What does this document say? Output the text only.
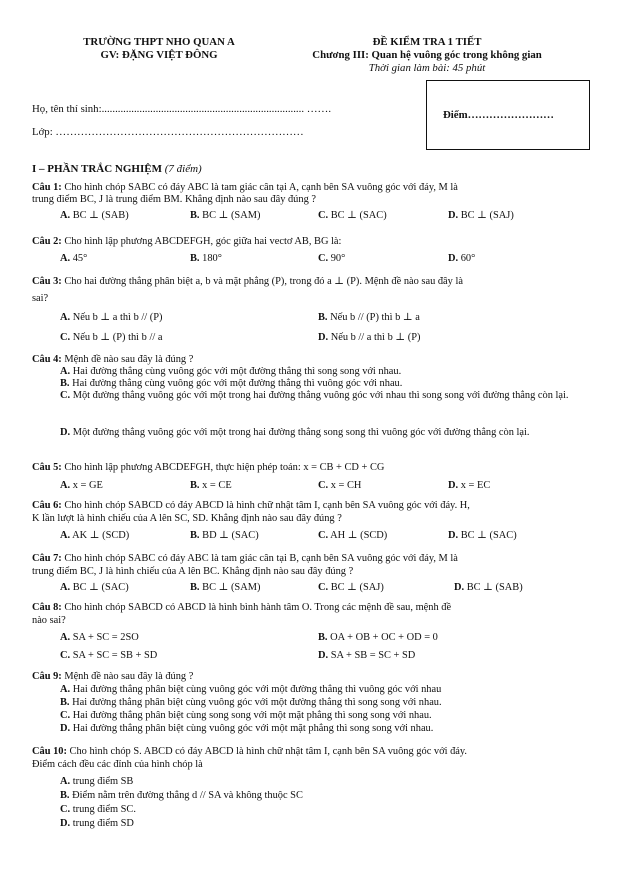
TRƯỜNG THPT NHO QUAN A
GV: ĐẶNG VIỆT ĐÔNG
ĐỀ KIỂM TRA 1 TIẾT
Chương III: Quan hệ vuông góc trong không gian
Thời gian làm bài: 45 phút
Họ, tên thí sinh:........................................................................... …….
Lớp: ……………………………………………………………
Điểm……………………
I – PHẦN TRẮC NGHIỆM (7 điểm)
Câu 1: Cho hình chóp SABC có đáy ABC là tam giác cân tại A, cạnh bên SA vuông góc với đáy, M là
trung điểm BC, J là trung điểm BM. Khẳng định nào sau đây đúng ?
A. BC ⊥ (SAB)	B. BC ⊥ (SAM)	C. BC ⊥ (SAC)	D. BC ⊥ (SAJ)
Câu 2: Cho hình lập phương ABCDEFGH, góc giữa hai vectơ AB, BG là:
A. 45°	B. 180°	C. 90°	D. 60°
Câu 3: Cho hai đường thẳng phân biệt a, b và mặt phẳng (P), trong đó a ⊥ (P). Mệnh đề nào sau đây là
sai?
A. Nếu b ⊥ a thì b // (P)	B. Nếu b // (P) thì b ⊥ a
C. Nếu b ⊥ (P) thì b // a	D. Nếu b // a thì b ⊥ (P)
Câu 4: Mệnh đề nào sau đây là đúng ?
A. Hai đường thẳng cùng vuông góc với một đường thẳng thì song song với nhau.
B. Hai đường thẳng cùng vuông góc với một đường thẳng thì vuông góc với nhau.
C. Một đường thẳng vuông góc với một trong hai đường thẳng vuông góc với nhau thì song song với đường thẳng còn lại.
D. Một đường thẳng vuông góc với một trong hai đường thẳng song song thì vuông góc với đường thẳng còn lại.
Câu 5: Cho hình lập phương ABCDEFGH, thực hiện phép toán: x = CB + CD + CG
A. x = GE	B. x = CE	C. x = CH	D. x = EC
Câu 6: Cho hình chóp SABCD có đáy ABCD là hình chữ nhật tâm I, cạnh bên SA vuông góc với đáy. H,
K lần lượt là hình chiếu của A lên SC, SD. Khẳng định nào sau đây đúng ?
A. AK ⊥ (SCD)	B. BD ⊥ (SAC)	C. AH ⊥ (SCD)	D. BC ⊥ (SAC)
Câu 7: Cho hình chóp SABC có đáy ABC là tam giác cân tại B, cạnh bên SA vuông góc với đáy, M là
trung điểm BC, J là hình chiếu của A lên BC. Khẳng định nào sau đây đúng ?
A. BC ⊥ (SAC)	B. BC ⊥ (SAM)	C. BC ⊥ (SAJ)	D. BC ⊥ (SAB)
Câu 8: Cho hình chóp SABCD có ABCD là hình bình hành tâm O. Trong các mệnh đề sau, mệnh đề
nào sai?
A. SA + SC = 2SO	B. OA + OB + OC + OD = 0
C. SA + SC = SB + SD	D. SA + SB = SC + SD
Câu 9: Mệnh đề nào sau đây là đúng ?
A. Hai đường thẳng phân biệt cùng vuông góc với một đường thẳng thì vuông góc với nhau
B. Hai đường thẳng phân biệt cùng vuông góc với một đường thẳng thì song song với nhau.
C. Hai đường thẳng phân biệt cùng song song với một mặt phẳng thì song song với nhau.
D. Hai đường thẳng phân biệt cùng vuông góc với một mặt phẳng thì song song với nhau.
Câu 10: Cho hình chóp S. ABCD có đáy ABCD là hình chữ nhật tâm I, cạnh bên SA vuông góc với đáy.
Điểm cách đều các đỉnh của hình chóp là
A. trung điểm SB
B. Điểm nằm trên đường thẳng d // SA và không thuộc SC
C. trung điểm SC.
D. trung điểm SD
